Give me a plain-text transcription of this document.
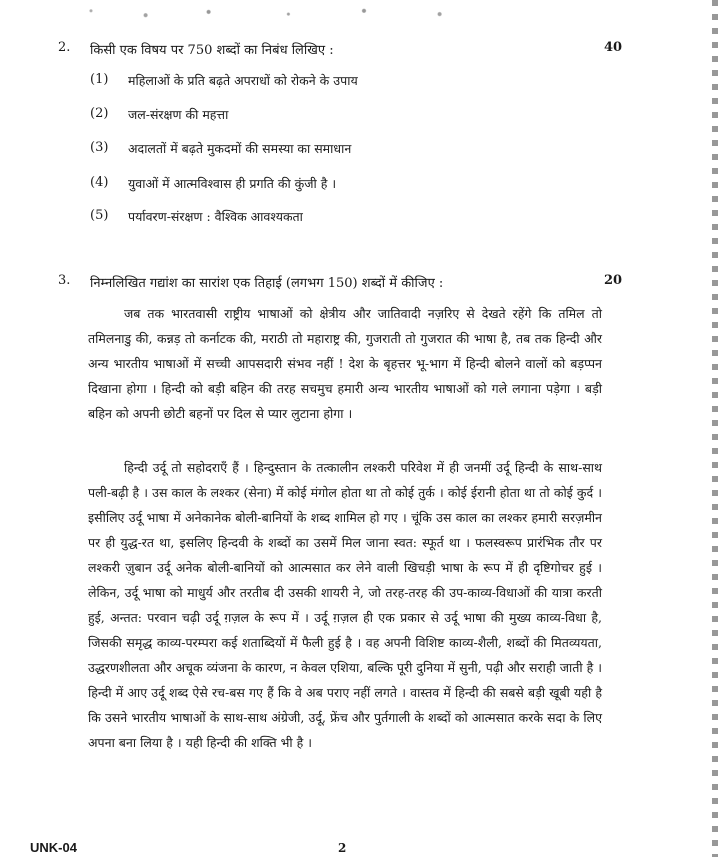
2. किसी एक विषय पर 750 शब्दों का निबंध लिखिए :	40
(1) महिलाओं के प्रति बढ़ते अपराधों को रोकने के उपाय
(2) जल-संरक्षण की महत्ता
(3) अदालतों में बढ़ते मुकदमों की समस्या का समाधान
(4) युवाओं में आत्मविश्वास ही प्रगति की कुंजी है ।
(5) पर्यावरण-संरक्षण : वैश्विक आवश्यकता
3. निम्नलिखित गद्यांश का सारांश एक तिहाई (लगभग 150) शब्दों में कीजिए :	20

जब तक भारतवासी राष्ट्रीय भाषाओं को क्षेत्रीय और जातिवादी नज़रिए से देखते रहेंगे कि तमिल तो तमिलनाडु की, कन्नड़ तो कर्नाटक की, मराठी तो महाराष्ट्र की, गुजराती तो गुजरात की भाषा है, तब तक हिन्दी और अन्य भारतीय भाषाओं में सच्ची आपसदारी संभव नहीं ! देश के बृहत्तर भू-भाग में हिन्दी बोलने वालों को बड़प्पन दिखाना होगा । हिन्दी को बड़ी बहिन की तरह सचमुच हमारी अन्य भारतीय भाषाओं को गले लगाना पड़ेगा । बड़ी बहिन को अपनी छोटी बहनों पर दिल से प्यार लुटाना होगा ।

हिन्दी उर्दू तो सहोदराएँ हैं । हिन्दुस्तान के तत्कालीन लश्करी परिवेश में ही जनमीं उर्दू हिन्दी के साथ-साथ पली-बढ़ी है । उस काल के लश्कर (सेना) में कोई मंगोल होता था तो कोई तुर्क । कोई ईरानी होता था तो कोई कुर्द । इसीलिए उर्दू भाषा में अनेकानेक बोली-बानियों के शब्द शामिल हो गए । चूंकि उस काल का लश्कर हमारी सरज़मीन पर ही युद्ध-रत था, इसलिए हिन्दवी के शब्दों का उसमें मिल जाना स्वत: स्फूर्त था । फलस्वरूप प्रारंभिक तौर पर लश्करी ज़ुबान उर्दू अनेक बोली-बानियों को आत्मसात कर लेने वाली खिचड़ी भाषा के रूप में ही दृष्टिगोचर हुई । लेकिन, उर्दू भाषा को माधुर्य और तरतीब दी उसकी शायरी ने, जो तरह-तरह की उप-काव्य-विधाओं की यात्रा करती हुई, अन्तत: परवान चढ़ी उर्दू ग़ज़ल के रूप में । उर्दू ग़ज़ल ही एक प्रकार से उर्दू भाषा की मुख्य काव्य-विधा है, जिसकी समृद्ध काव्य-परम्परा कई शताब्दियों में फैली हुई है । वह अपनी विशिष्ट काव्य-शैली, शब्दों की मितव्ययता, उद्धरणशीलता और अचूक व्यंजना के कारण, न केवल एशिया, बल्कि पूरी दुनिया में सुनी, पढ़ी और सराही जाती है । हिन्दी में आए उर्दू शब्द ऐसे रच-बस गए हैं कि वे अब पराए नहीं लगते । वास्तव में हिन्दी की सबसे बड़ी खूबी यही है कि उसने भारतीय भाषाओं के साथ-साथ अंग्रेजी, उर्दू, फ्रेंच और पुर्तगाली के शब्दों को आत्मसात करके सदा के लिए अपना बना लिया है । यही हिन्दी की शक्ति भी है ।

UNK-04	2
